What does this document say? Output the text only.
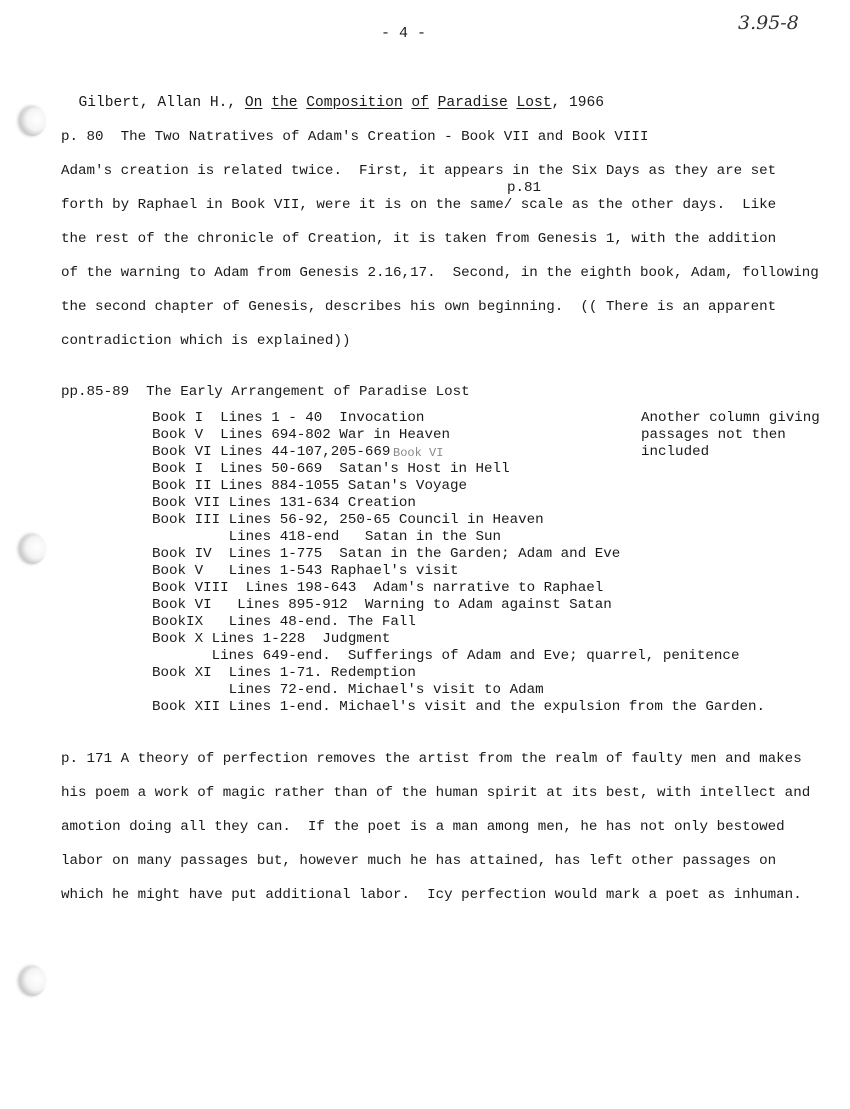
- 4 -	3.95-8

Gilbert, Allan H., On the Composition of Paradise Lost, 1966

p. 80  The Two Natratives of Adam's Creation - Book VII and Book VIII
p.81
Adam's creation is related twice.  First, it appears in the Six Days as they are set
forth by Raphael in Book VII, were it is on the same/ scale as the other days.  Like
the rest of the chronicle of Creation, it is taken from Genesis 1, with the addition
of the warning to Adam from Genesis 2.16,17.  Second, in the eighth book, Adam, following
the second chapter of Genesis, describes his own beginning.  (( There is an apparent
contradiction which is explained))
pp.85-89  The Early Arrangement of Paradise Lost
Another column giving
passages not then
included
Book I  Lines 1 - 40  Invocation
Book V  Lines 694-802 War in Heaven
Book VI Lines 44-107,205-669 Book VI
Book I  Lines 50-669  Satan's Host in Hell
Book II Lines 884-1055 Satan's Voyage
Book VII Lines 131-634 Creation
Book III Lines 56-92, 250-65 Council in Heaven
Lines 418-end   Satan in the Sun
Book IV  Lines 1-775  Satan in the Garden; Adam and Eve
Book V   Lines 1-543 Raphael's visit
Book VIII  Lines 198-643  Adam's narrative to Raphael
Book VI   Lines 895-912  Warning to Adam against Satan
BookIX   Lines 48-end. The Fall
Book X Lines 1-228  Judgment
Lines 649-end.  Sufferings of Adam and Eve; quarrel, penitence
Book XI  Lines 1-71. Redemption
Lines 72-end. Michael's visit to Adam
Book XII Lines 1-end. Michael's visit and the expulsion from the Garden.
p. 171 A theory of perfection removes the artist from the realm of faulty men and makes
his poem a work of magic rather than of the human spirit at its best, with intellect and
amotion doing all they can.  If the poet is a man among men, he has not only bestowed
labor on many passages but, however much he has attained, has left other passages on
which he might have put additional labor.  Icy perfection would mark a poet as inhuman.
